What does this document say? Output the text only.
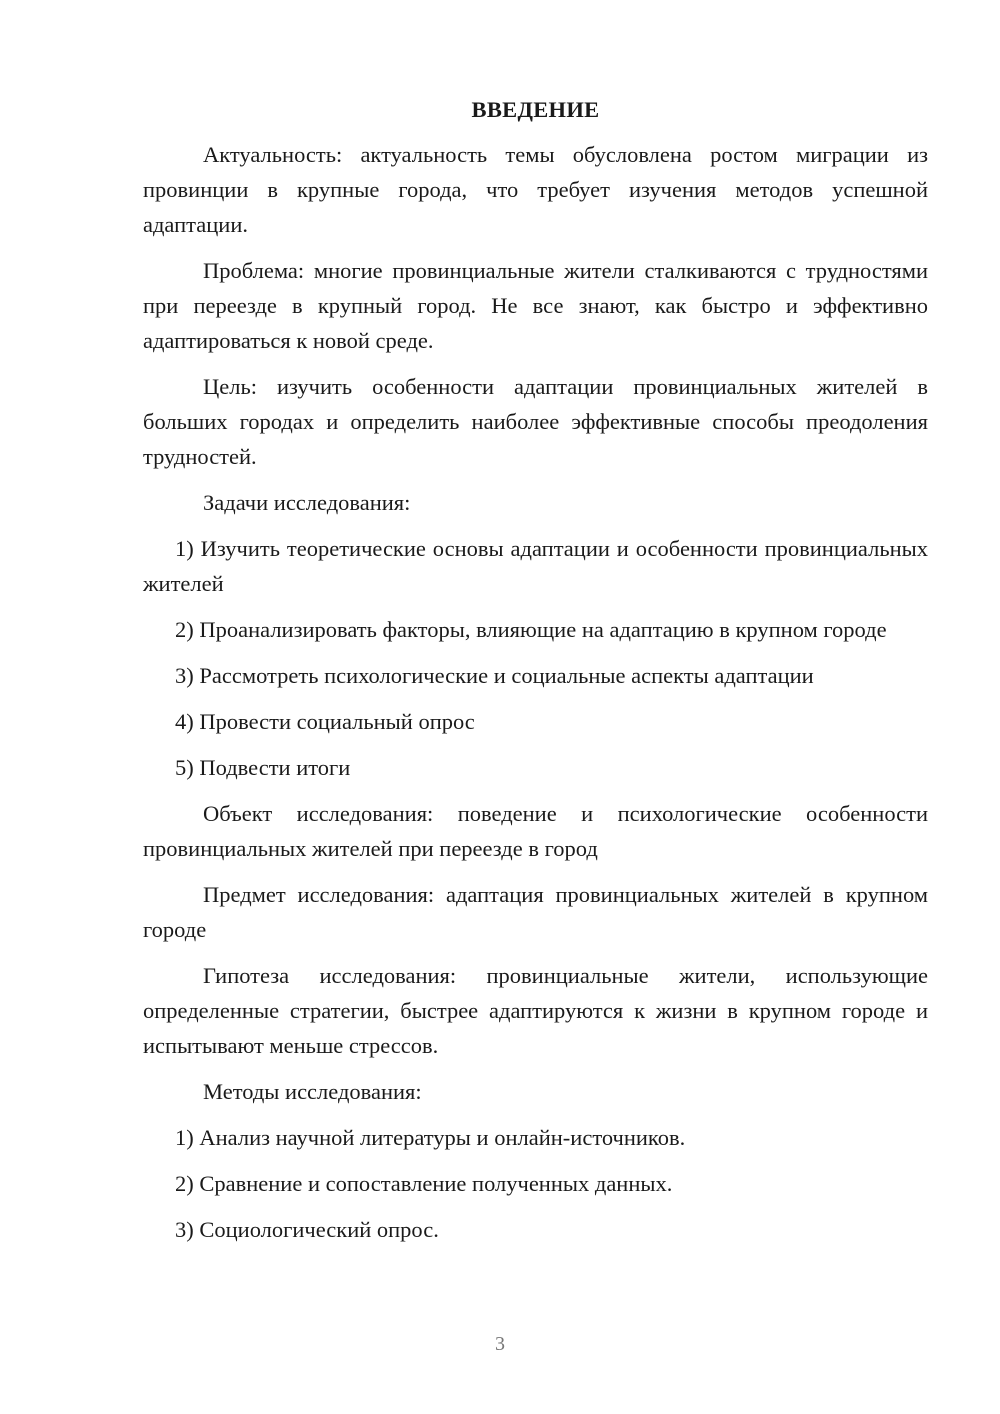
ВВЕДЕНИЕ

Актуальность: актуальность темы обусловлена ростом миграции из провинции в крупные города, что требует изучения методов успешной адаптации.

Проблема: многие провинциальные жители сталкиваются с трудностями при переезде в крупный город. Не все знают, как быстро и эффективно адаптироваться к новой среде.

Цель: изучить особенности адаптации провинциальных жителей в больших городах и определить наиболее эффективные способы преодоления трудностей.

Задачи исследования:

1) Изучить теоретические основы адаптации и особенности провинциальных жителей

2) Проанализировать факторы, влияющие на адаптацию в крупном городе

3) Рассмотреть психологические и социальные аспекты адаптации

4) Провести социальный опрос

5) Подвести итоги

Объект исследования: поведение и психологические особенности провинциальных жителей при переезде в город

Предмет исследования: адаптация провинциальных жителей в крупном городе

Гипотеза исследования: провинциальные жители, использующие определенные стратегии, быстрее адаптируются к жизни в крупном городе и испытывают меньше стрессов.

Методы исследования:

1) Анализ научной литературы и онлайн-источников.

2) Сравнение и сопоставление полученных данных.

3) Социологический опрос.

3
